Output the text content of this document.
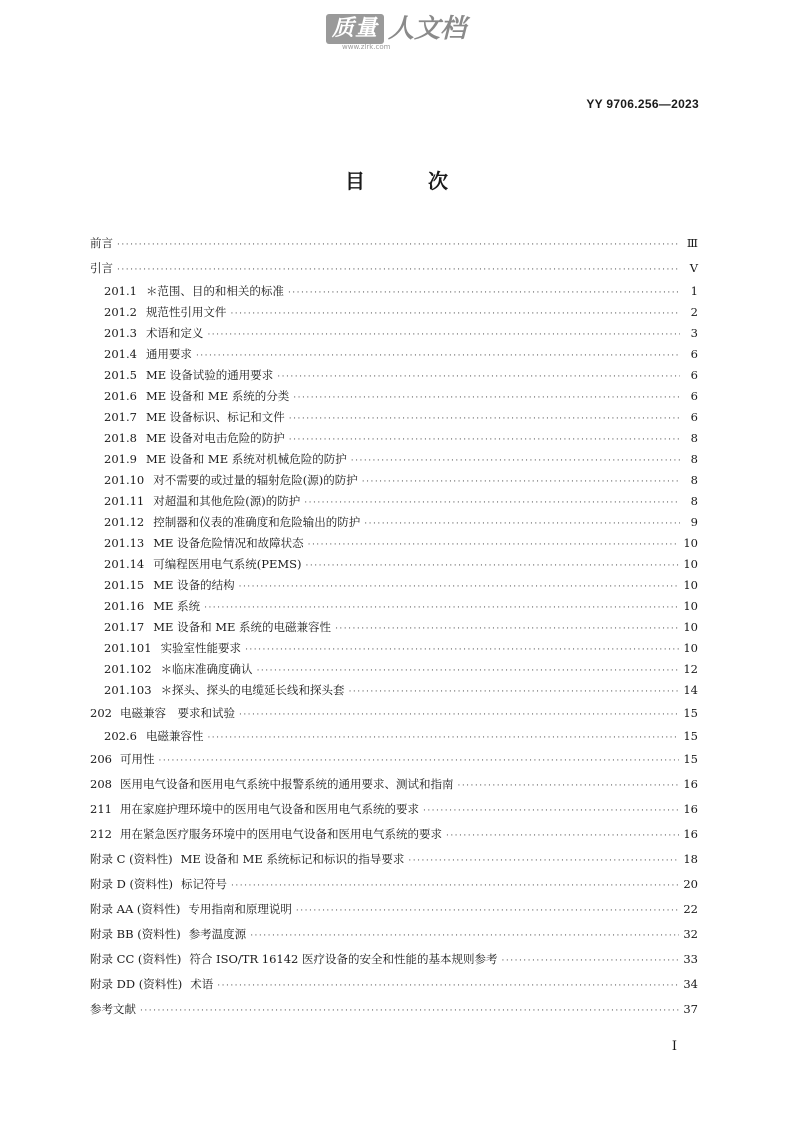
质量 人文档
www.zlrk.com
YY 9706.256—2023
目 次
前言 ·····	Ⅲ
引言 ·····	Ⅴ
201.1 ＊范围、目的和相关的标准 ·····	1
201.2 规范性引用文件 ·····	2
201.3 术语和定义 ·····	3
201.4 通用要求 ·····	6
201.5 ME 设备试验的通用要求 ·····	6
201.6 ME 设备和 ME 系统的分类 ·····	6
201.7 ME 设备标识、标记和文件 ·····	6
201.8 ME 设备对电击危险的防护 ·····	8
201.9 ME 设备和 ME 系统对机械危险的防护 ·····	8
201.10 对不需要的或过量的辐射危险(源)的防护 ·····	8
201.11 对超温和其他危险(源)的防护 ·····	8
201.12 控制器和仪表的准确度和危险输出的防护 ·····	9
201.13 ME 设备危险情况和故障状态 ·····	10
201.14 可编程医用电气系统(PEMS) ·····	10
201.15 ME 设备的结构 ·····	10
201.16 ME 系统 ·····	10
201.17 ME 设备和 ME 系统的电磁兼容性 ·····	10
201.101 实验室性能要求 ·····	10
201.102 ＊临床准确度确认 ·····	12
201.103 ＊探头、探头的电缆延长线和探头套 ·····	14
202 电磁兼容　要求和试验 ·····	15
202.6 电磁兼容性 ·····	15
206 可用性 ·····	15
208 医用电气设备和医用电气系统中报警系统的通用要求、测试和指南 ·····	16
211 用在家庭护理环境中的医用电气设备和医用电气系统的要求 ·····	16
212 用在紧急医疗服务环境中的医用电气设备和医用电气系统的要求 ·····	16
附录 C (资料性) ME 设备和 ME 系统标记和标识的指导要求 ·····	18
附录 D (资料性) 标记符号 ·····	20
附录 AA (资料性) 专用指南和原理说明 ·····	22
附录 BB (资料性) 参考温度源 ·····	32
附录 CC (资料性) 符合 ISO/TR 16142 医疗设备的安全和性能的基本规则参考 ·····	33
附录 DD (资料性) 术语 ·····	34
参考文献 ·····	37
Ⅰ
